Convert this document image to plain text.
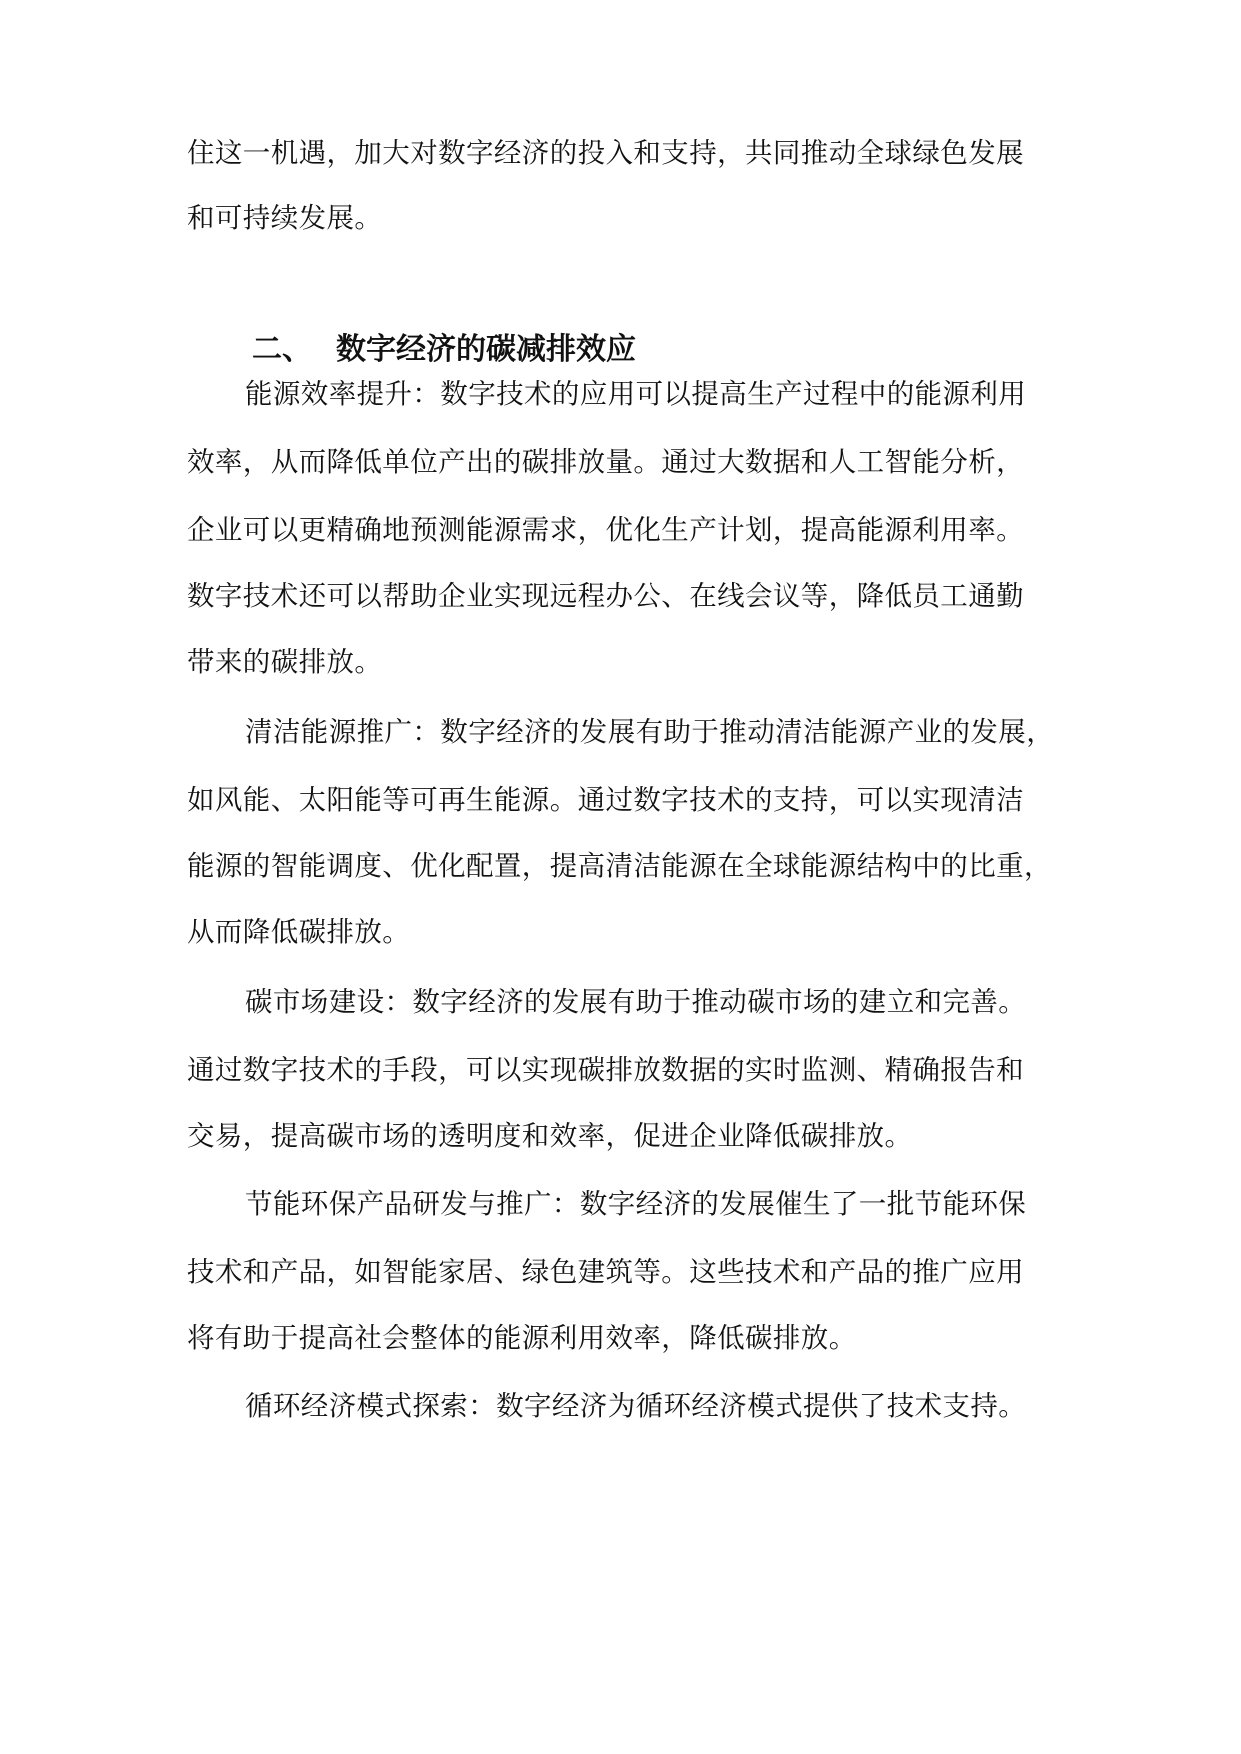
住这一机遇，加大对数字经济的投入和支持，共同推动全球绿色发展
和可持续发展。
二、 数字经济的碳减排效应
能源效率提升：数字技术的应用可以提高生产过程中的能源利用
效率，从而降低单位产出的碳排放量。通过大数据和人工智能分析，
企业可以更精确地预测能源需求，优化生产计划，提高能源利用率。
数字技术还可以帮助企业实现远程办公、在线会议等，降低员工通勤
带来的碳排放。
清洁能源推广：数字经济的发展有助于推动清洁能源产业的发展，
如风能、太阳能等可再生能源。通过数字技术的支持，可以实现清洁
能源的智能调度、优化配置，提高清洁能源在全球能源结构中的比重，
从而降低碳排放。
碳市场建设：数字经济的发展有助于推动碳市场的建立和完善。
通过数字技术的手段，可以实现碳排放数据的实时监测、精确报告和
交易，提高碳市场的透明度和效率，促进企业降低碳排放。
节能环保产品研发与推广：数字经济的发展催生了一批节能环保
技术和产品，如智能家居、绿色建筑等。这些技术和产品的推广应用
将有助于提高社会整体的能源利用效率，降低碳排放。
循环经济模式探索：数字经济为循环经济模式提供了技术支持。
